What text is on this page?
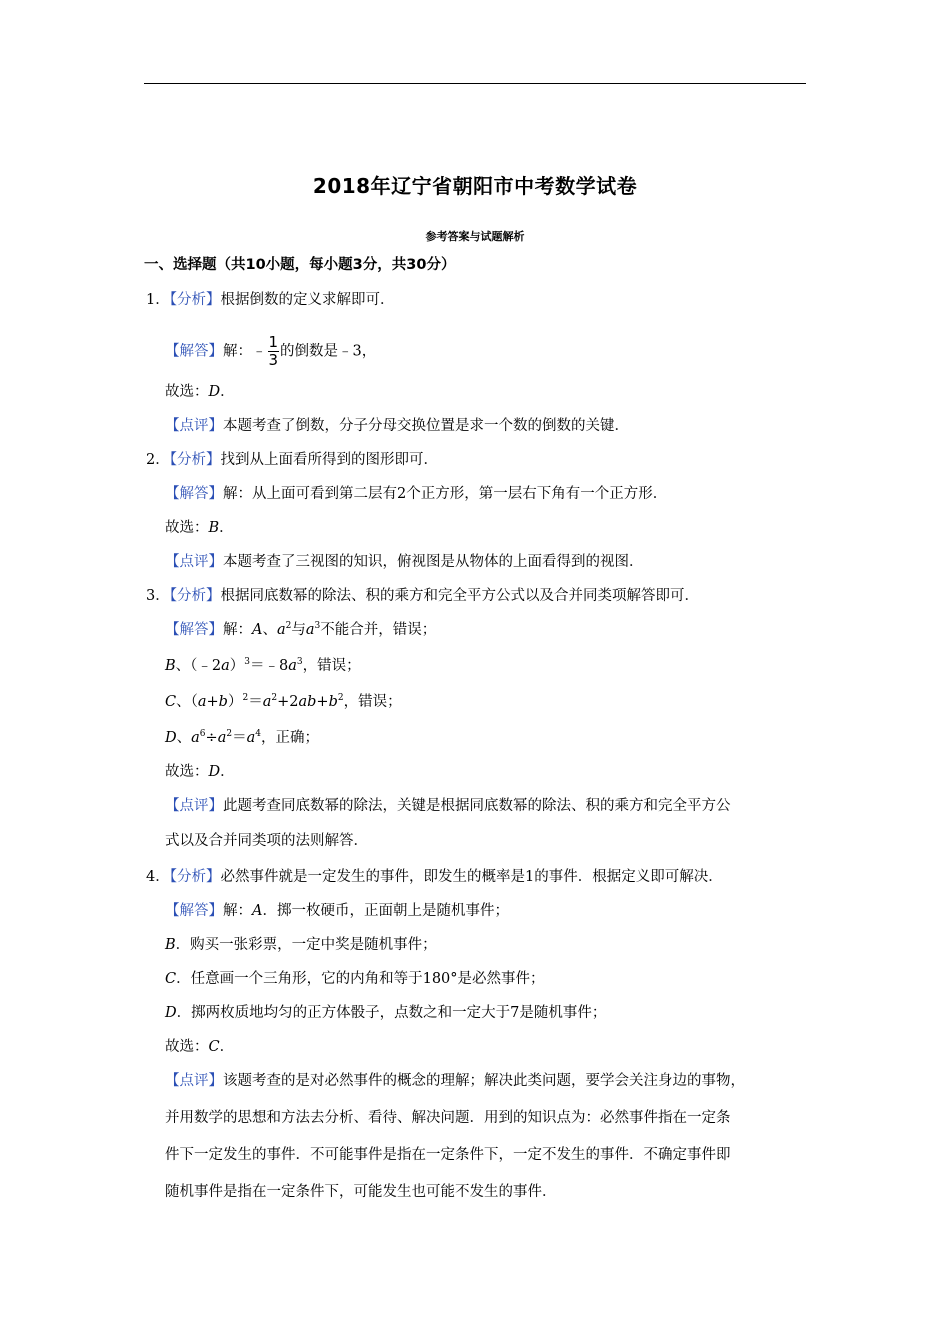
2018年辽宁省朝阳市中考数学试卷
参考答案与试题解析
一、选择题（共10小题，每小题3分，共30分）
1．【分析】根据倒数的定义求解即可．
【解答】解：﹣ $\frac{1}{3}$ 的倒数是﹣3，
故选：D．
【点评】本题考查了倒数，分子分母交换位置是求一个数的倒数的关键．
2．【分析】找到从上面看所得到的图形即可．
【解答】解：从上面可看到第二层有2个正方形，第一层右下角有一个正方形．
故选：B．
【点评】本题考查了三视图的知识，俯视图是从物体的上面看得到的视图．
3．【分析】根据同底数幂的除法、积的乘方和完全平方公式以及合并同类项解答即可．
【解答】解：A、$a^2$与$a^3$不能合并，错误；
B、$(﹣2a)^3=﹣8a^3$，错误；
C、$(a+b)^2=a^2+2ab+b^2$，错误；
D、$a^6\div a^2=a^4$，正确；
故选：D．
【点评】此题考查同底数幂的除法，关键是根据同底数幂的除法、积的乘方和完全平方公
式以及合并同类项的法则解答．
4．【分析】必然事件就是一定发生的事件，即发生的概率是1的事件．根据定义即可解决．
【解答】解：A．掷一枚硬币，正面朝上是随机事件；
B．购买一张彩票，一定中奖是随机事件；
C．任意画一个三角形，它的内角和等于180°是必然事件；
D．掷两枚质地均匀的正方体骰子，点数之和一定大于7是随机事件；
故选：C．
【点评】该题考查的是对必然事件的概念的理解；解决此类问题，要学会关注身边的事物，
并用数学的思想和方法去分析、看待、解决问题．用到的知识点为：必然事件指在一定条
件下一定发生的事件．不可能事件是指在一定条件下，一定不发生的事件．不确定事件即
随机事件是指在一定条件下，可能发生也可能不发生的事件．
